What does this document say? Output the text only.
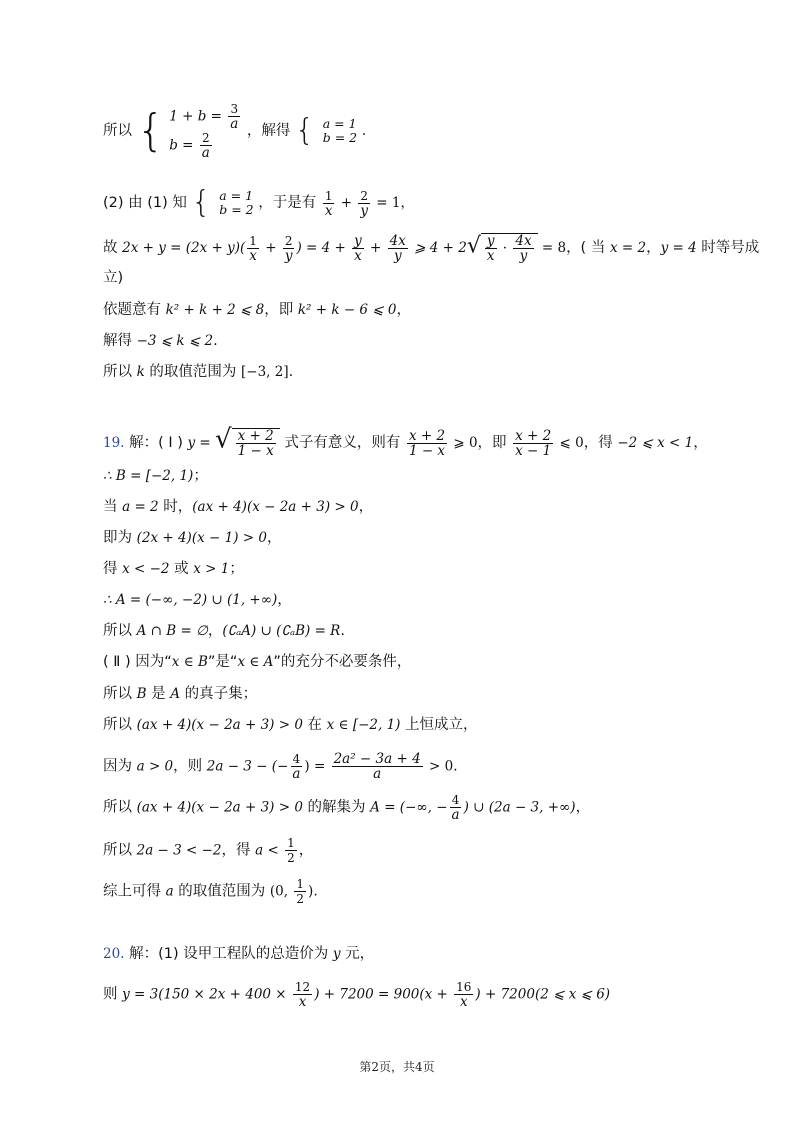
所以 { $1 + b = \frac{3}{a}$
$b = \frac{2}{a}$ ，解得 { a = 1
b = 2 .
(2) 由 (1) 知 { a = 1
b = 2 ，于是有 $\frac{1}{x} + \frac{2}{y} = 1$，
故 $2x + y = (2x + y)( \frac{1}{x} + \frac{2}{y}$ ) = $4 + \frac{y}{x} + \frac{4x}{y}$ ⩾ $4 + 2√ \frac{y}{x} \cdot \frac{4x}{y} = 8$，( 当 x = 2，y = 4 时等号成
立)
依题意有 k² + k + 2 ⩽ 8，即 k² + k − 6 ⩽ 0，
解得 −3 ⩽ k ⩽ 2.
所以 k 的取值范围为 [−3, 2].
19. 解：( Ⅰ ) y = √ $\frac{x + 2}{1 - x}$ 式子有意义，则有 $\frac{x + 2}{1 - x}$ ⩾ 0，即 $\frac{x + 2}{x - 1}$ ⩽ 0，得 −2 ⩽ x < 1，
∴ B = [−2, 1)；
当 a = 2 时，(ax + 4)(x − 2a + 3) > 0，
即为 (2x + 4)(x − 1) > 0，
得 x < −2 或 x > 1；
∴ A = (−∞, −2) ∪ (1, +∞)，
所以 A ∩ B = ∅，(∁ₐA) ∪ (∁ₐB) = R.
( Ⅱ ) 因为“x ∈ B”是“x ∈ A”的充分不必要条件，
所以 B 是 A 的真子集；
所以 (ax + 4)(x − 2a + 3) > 0 在 x ∈ [−2, 1) 上恒成立，
因为 a > 0，则 2a − 3 − (− $\frac{4}{a}$ ) = $\frac{\text{2a² − 3a + 4}}{a} > 0$.
所以 (ax + 4)(x − 2a + 3) > 0 的解集为 A = (−∞, − $\frac{4}{a}$ ) ∪ (2a − 3, +∞)，
所以 2a − 3 < −2，得 $a < \frac{1}{2}$ ，
综上可得 a 的取值范围为 (0, $\frac{1}{2}$ ).
20. 解：(1) 设甲工程队的总造价为 y 元，
则 $y = 3(150 \times 2x + 400 \times \frac{12}{x}$ ) + $7200 = 900(x + \frac{16}{x}$ ) + 7200(2 ⩽ x ⩽ 6)
第2页，共4页
